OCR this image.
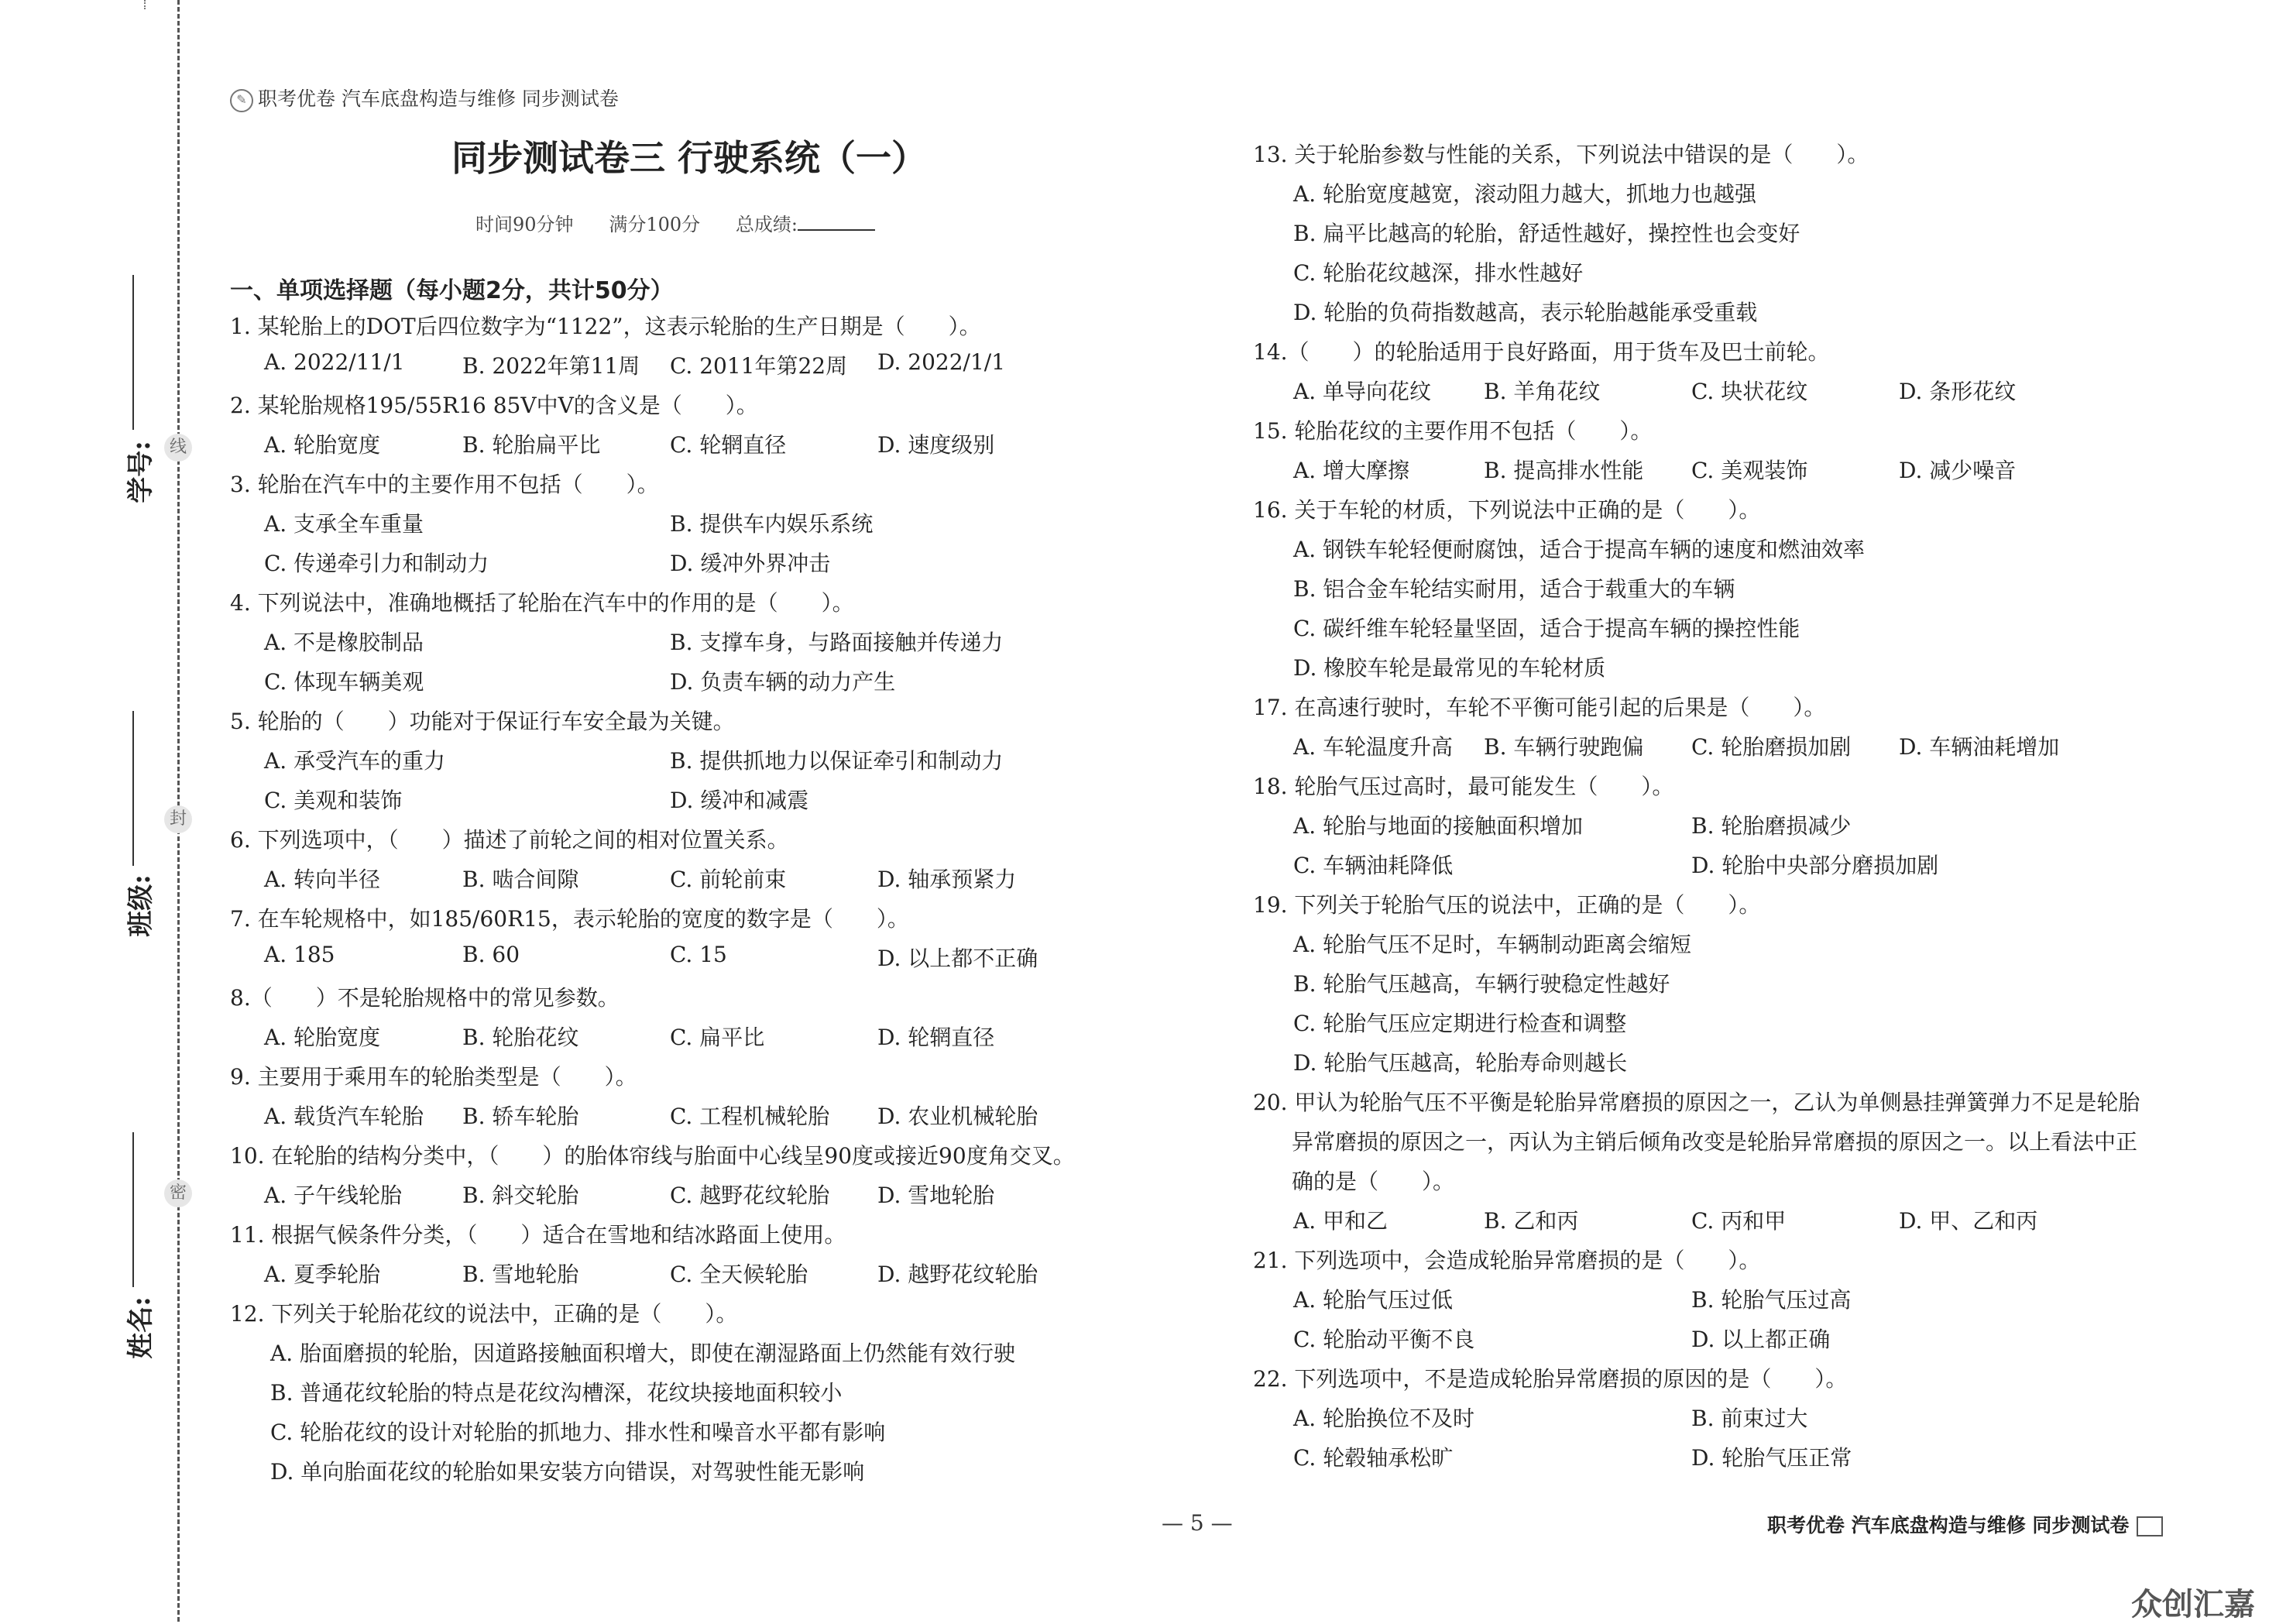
学号: 线
班级:
封
姓名:
密
✎ 职考优卷 汽车底盘构造与维修 同步测试卷
同步测试卷三 行驶系统（一）
时间90分钟 满分100分 总成绩:
一、单项选择题（每小题2分，共计50分）
1. 某轮胎上的DOT后四位数字为“1122”，这表示轮胎的生产日期是（　　）。
A. 2022/11/1	B. 2022年第11周 C. 2011年第22周 D. 2022/1/1
2. 某轮胎规格195/55R16 85V中V的含义是（　　）。
A. 轮胎宽度	B. 轮胎扁平比	C. 轮辋直径	D. 速度级别
3. 轮胎在汽车中的主要作用不包括（　　）。
A. 支承全车重量	B. 提供车内娱乐系统
C. 传递牵引力和制动力	D. 缓冲外界冲击
4. 下列说法中，准确地概括了轮胎在汽车中的作用的是（　　）。
A. 不是橡胶制品	B. 支撑车身，与路面接触并传递力
C. 体现车辆美观	D. 负责车辆的动力产生
5. 轮胎的（　　）功能对于保证行车安全最为关键。
A. 承受汽车的重力	B. 提供抓地力以保证牵引和制动力
C. 美观和装饰	D. 缓冲和减震
6. 下列选项中，（　　）描述了前轮之间的相对位置关系。
A. 转向半径	B. 啮合间隙	C. 前轮前束	D. 轴承预紧力
7. 在车轮规格中，如185/60R15，表示轮胎的宽度的数字是（　　）。
A. 185	B. 60	C. 15	D. 以上都不正确
8.（　　）不是轮胎规格中的常见参数。
A. 轮胎宽度	B. 轮胎花纹	C. 扁平比	D. 轮辋直径
9. 主要用于乘用车的轮胎类型是（　　）。
A. 载货汽车轮胎 B. 轿车轮胎	C. 工程机械轮胎 D. 农业机械轮胎
10. 在轮胎的结构分类中，（　　）的胎体帘线与胎面中心线呈90度或接近90度角交叉。
A. 子午线轮胎	B. 斜交轮胎	C. 越野花纹轮胎 D. 雪地轮胎
11. 根据气候条件分类，（　　）适合在雪地和结冰路面上使用。
A. 夏季轮胎	B. 雪地轮胎	C. 全天候轮胎	D. 越野花纹轮胎
12. 下列关于轮胎花纹的说法中，正确的是（　　）。
A. 胎面磨损的轮胎，因道路接触面积增大，即使在潮湿路面上仍然能有效行驶
B. 普通花纹轮胎的特点是花纹沟槽深，花纹块接地面积较小
C. 轮胎花纹的设计对轮胎的抓地力、排水性和噪音水平都有影响
D. 单向胎面花纹的轮胎如果安装方向错误，对驾驶性能无影响
13. 关于轮胎参数与性能的关系，下列说法中错误的是（　　）。
A. 轮胎宽度越宽，滚动阻力越大，抓地力也越强
B. 扁平比越高的轮胎，舒适性越好，操控性也会变好
C. 轮胎花纹越深，排水性越好
D. 轮胎的负荷指数越高，表示轮胎越能承受重载
14.（　　）的轮胎适用于良好路面，用于货车及巴士前轮。
A. 单导向花纹 B. 羊角花纹	C. 块状花纹	D. 条形花纹
15. 轮胎花纹的主要作用不包括（　　）。
A. 增大摩擦	B. 提高排水性能 C. 美观装饰	D. 减少噪音
16. 关于车轮的材质，下列说法中正确的是（　　）。
A. 钢铁车轮轻便耐腐蚀，适合于提高车辆的速度和燃油效率
B. 铝合金车轮结实耐用，适合于载重大的车辆
C. 碳纤维车轮轻量坚固，适合于提高车辆的操控性能
D. 橡胶车轮是最常见的车轮材质
17. 在高速行驶时，车轮不平衡可能引起的后果是（　　）。
A. 车轮温度升高 B. 车辆行驶跑偏 C. 轮胎磨损加剧 D. 车辆油耗增加
18. 轮胎气压过高时，最可能发生（　　）。
A. 轮胎与地面的接触面积增加	B. 轮胎磨损减少
C. 车辆油耗降低	D. 轮胎中央部分磨损加剧
19. 下列关于轮胎气压的说法中，正确的是（　　）。
A. 轮胎气压不足时，车辆制动距离会缩短
B. 轮胎气压越高，车辆行驶稳定性越好
C. 轮胎气压应定期进行检查和调整
D. 轮胎气压越高，轮胎寿命则越长
20. 甲认为轮胎气压不平衡是轮胎异常磨损的原因之一，乙认为单侧悬挂弹簧弹力不足是轮胎
异常磨损的原因之一，丙认为主销后倾角改变是轮胎异常磨损的原因之一。以上看法中正
确的是（　　）。
A. 甲和乙	B. 乙和丙	C. 丙和甲	D. 甲、乙和丙
21. 下列选项中，会造成轮胎异常磨损的是（　　）。
A. 轮胎气压过低	B. 轮胎气压过高
C. 轮胎动平衡不良	D. 以上都正确
22. 下列选项中，不是造成轮胎异常磨损的原因的是（　　）。
A. 轮胎换位不及时	B. 前束过大
C. 轮毂轴承松旷	D. 轮胎气压正常
— 5 —	职考优卷 汽车底盘构造与维修 同步测试卷
众创汇嘉
